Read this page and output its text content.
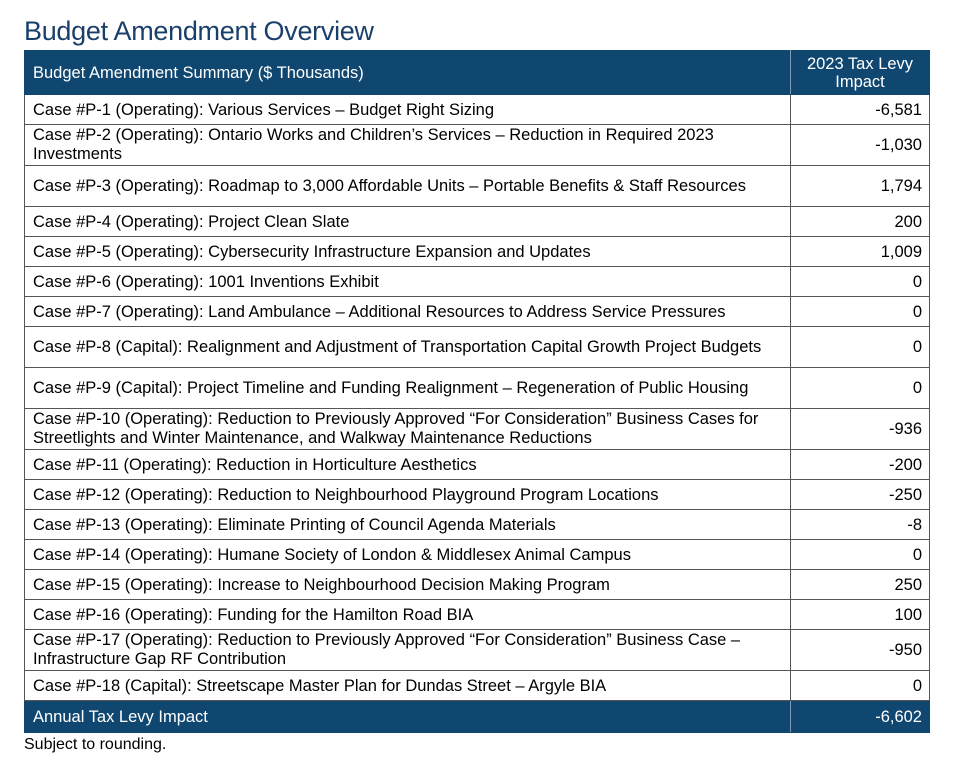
Budget Amendment Overview
Budget Amendment Summary ($ Thousands)	2023 Tax Levy
Impact
Case #P-1 (Operating): Various Services – Budget Right Sizing	-6,581
Case #P-2 (Operating): Ontario Works and Children’s Services – Reduction in Required 2023 Investments	-1,030
Case #P-3 (Operating): Roadmap to 3,000 Affordable Units – Portable Benefits & Staff Resources	1,794
Case #P-4 (Operating): Project Clean Slate	200
Case #P-5 (Operating): Cybersecurity Infrastructure Expansion and Updates	1,009
Case #P-6 (Operating): 1001 Inventions Exhibit	0
Case #P-7 (Operating): Land Ambulance – Additional Resources to Address Service Pressures	0
Case #P-8 (Capital): Realignment and Adjustment of Transportation Capital Growth Project Budgets	0
Case #P-9 (Capital): Project Timeline and Funding Realignment – Regeneration of Public Housing	0
Case #P-10 (Operating): Reduction to Previously Approved “For Consideration” Business Cases for Streetlights and Winter Maintenance, and Walkway Maintenance Reductions	-936
Case #P-11 (Operating): Reduction in Horticulture Aesthetics	-200
Case #P-12 (Operating): Reduction to Neighbourhood Playground Program Locations	-250
Case #P-13 (Operating): Eliminate Printing of Council Agenda Materials	-8
Case #P-14 (Operating): Humane Society of London & Middlesex Animal Campus	0
Case #P-15 (Operating): Increase to Neighbourhood Decision Making Program	250
Case #P-16 (Operating): Funding for the Hamilton Road BIA	100
Case #P-17 (Operating): Reduction to Previously Approved “For Consideration” Business Case – Infrastructure Gap RF Contribution	-950
Case #P-18 (Capital): Streetscape Master Plan for Dundas Street – Argyle BIA	0
Annual Tax Levy Impact	-6,602
Subject to rounding.
